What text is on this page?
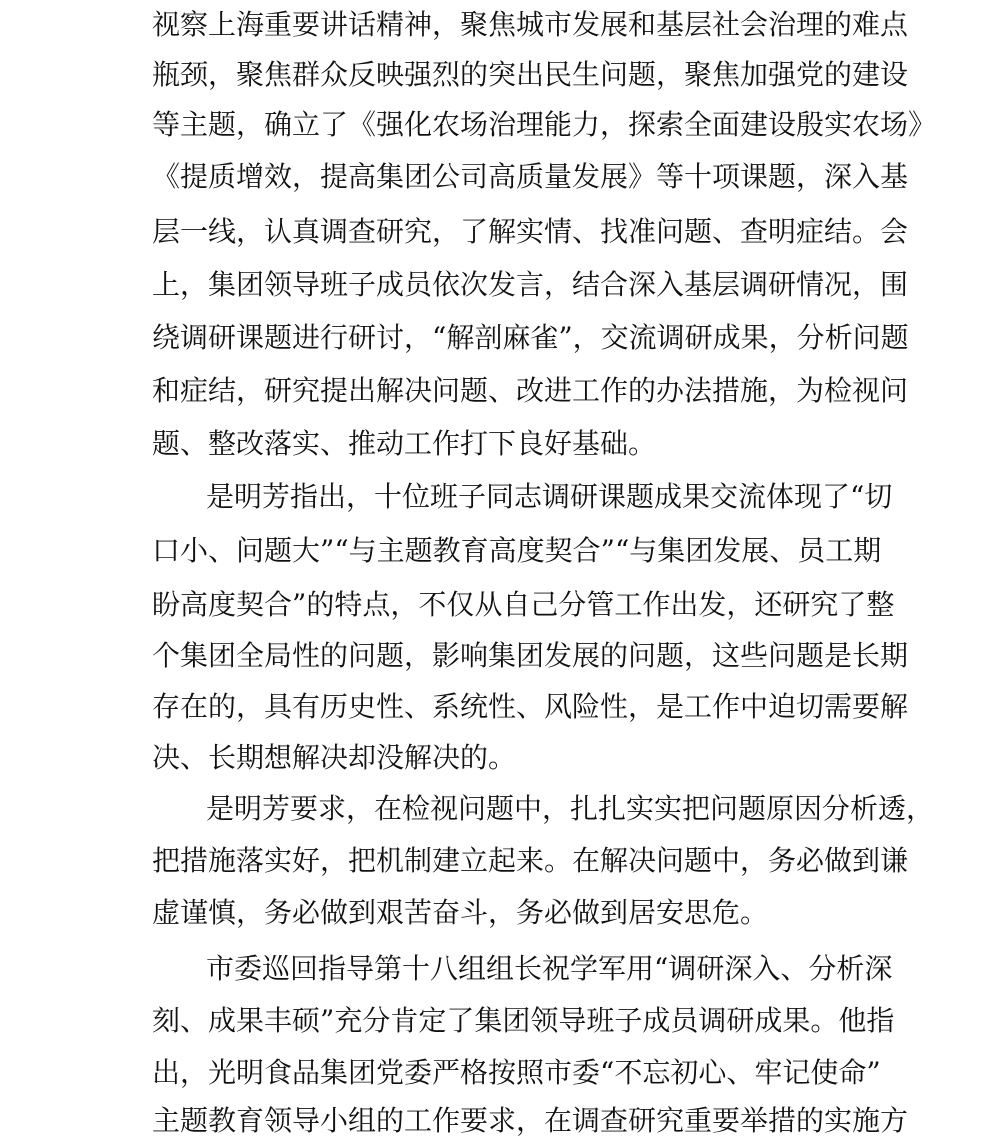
视察上海重要讲话精神，聚焦城市发展和基层社会治理的难点
瓶颈，聚焦群众反映强烈的突出民生问题，聚焦加强党的建设
等主题，确立了《强化农场治理能力，探索全面建设殷实农场》
《提质增效，提高集团公司高质量发展》等十项课题，深入基
层一线，认真调查研究，了解实情、找准问题、查明症结。会
上，集团领导班子成员依次发言，结合深入基层调研情况，围
绕调研课题进行研讨，“解剖麻雀”，交流调研成果，分析问题
和症结，研究提出解决问题、改进工作的办法措施，为检视问
题、整改落实、推动工作打下良好基础。
是明芳指出，十位班子同志调研课题成果交流体现了“切
口小、问题大”“与主题教育高度契合”“与集团发展、员工期
盼高度契合”的特点，不仅从自己分管工作出发，还研究了整
个集团全局性的问题，影响集团发展的问题，这些问题是长期
存在的，具有历史性、系统性、风险性，是工作中迫切需要解
决、长期想解决却没解决的。
是明芳要求，在检视问题中，扎扎实实把问题原因分析透，
把措施落实好，把机制建立起来。在解决问题中，务必做到谦
虚谨慎，务必做到艰苦奋斗，务必做到居安思危。
市委巡回指导第十八组组长祝学军用“调研深入、分析深
刻、成果丰硕”充分肯定了集团领导班子成员调研成果。他指
出，光明食品集团党委严格按照市委“不忘初心、牢记使命”
主题教育领导小组的工作要求，在调查研究重要举措的实施方
